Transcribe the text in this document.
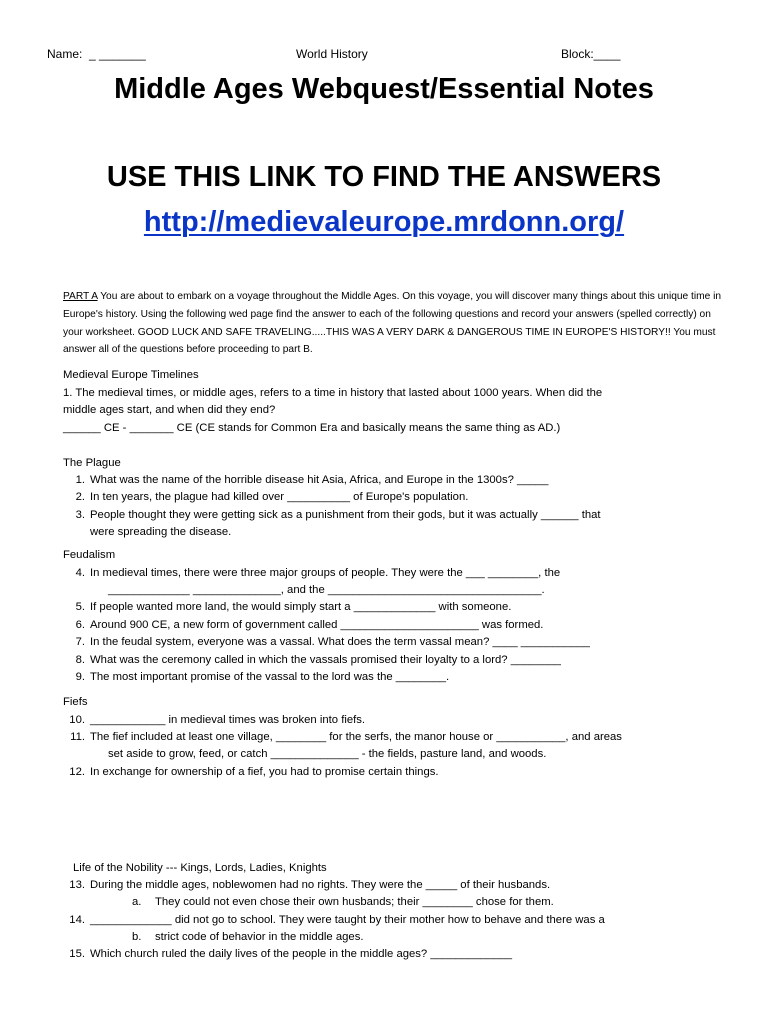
Name:  _ _______	World History	Block:____
Middle Ages Webquest/Essential Notes
USE THIS LINK TO FIND THE ANSWERS
http://medievaleurope.mrdonn.org/
PART A You are about to embark on a voyage throughout the Middle Ages. On this voyage, you will discover many things about this unique time in Europe's history. Using the following wed page find the answer to each of the following questions and record your answers (spelled correctly) on your worksheet. GOOD LUCK AND SAFE TRAVELING.....THIS WAS A VERY DARK & DANGEROUS TIME IN EUROPE'S HISTORY!! You must answer all of the questions before proceeding to part B.
Medieval Europe Timelines
1. The medieval times, or middle ages, refers to a time in history that lasted about 1000 years. When did the
middle ages start, and when did they end?
______ CE - _______ CE (CE stands for Common Era and basically means the same thing as AD.)
The Plague
1. What was the name of the horrible disease hit Asia, Africa, and Europe in the 1300s? _____
2. In ten years, the plague had killed over __________ of Europe's population.
3. People thought they were getting sick as a punishment from their gods, but it was actually ______ that
were spreading the disease.
Feudalism
4. In medieval times, there were three major groups of people. They were the ___ ________, the
_____________ ______________, and the __________________________________.
5. If people wanted more land, the would simply start a _____________ with someone.
6. Around 900 CE, a new form of government called ______________________ was formed.
7. In the feudal system, everyone was a vassal. What does the term vassal mean? ____ ___________
8. What was the ceremony called in which the vassals promised their loyalty to a lord? ________
9. The most important promise of the vassal to the lord was the ________.
Fiefs
10. ____________ in medieval times was broken into fiefs.
11. The fief included at least one village, ________ for the serfs, the manor house or ___________, and areas
set aside to grow, feed, or catch ______________ - the fields, pasture land, and woods.
12. In exchange for ownership of a fief, you had to promise certain things.
Life of the Nobility --- Kings, Lords, Ladies, Knights
13. During the middle ages, noblewomen had no rights. They were the _____ of their husbands.
a. They could not even chose their own husbands; their ________ chose for them.
14. _____________ did not go to school. They were taught by their mother how to behave and there was a
b. strict code of behavior in the middle ages.
15. Which church ruled the daily lives of the people in the middle ages? _____________
